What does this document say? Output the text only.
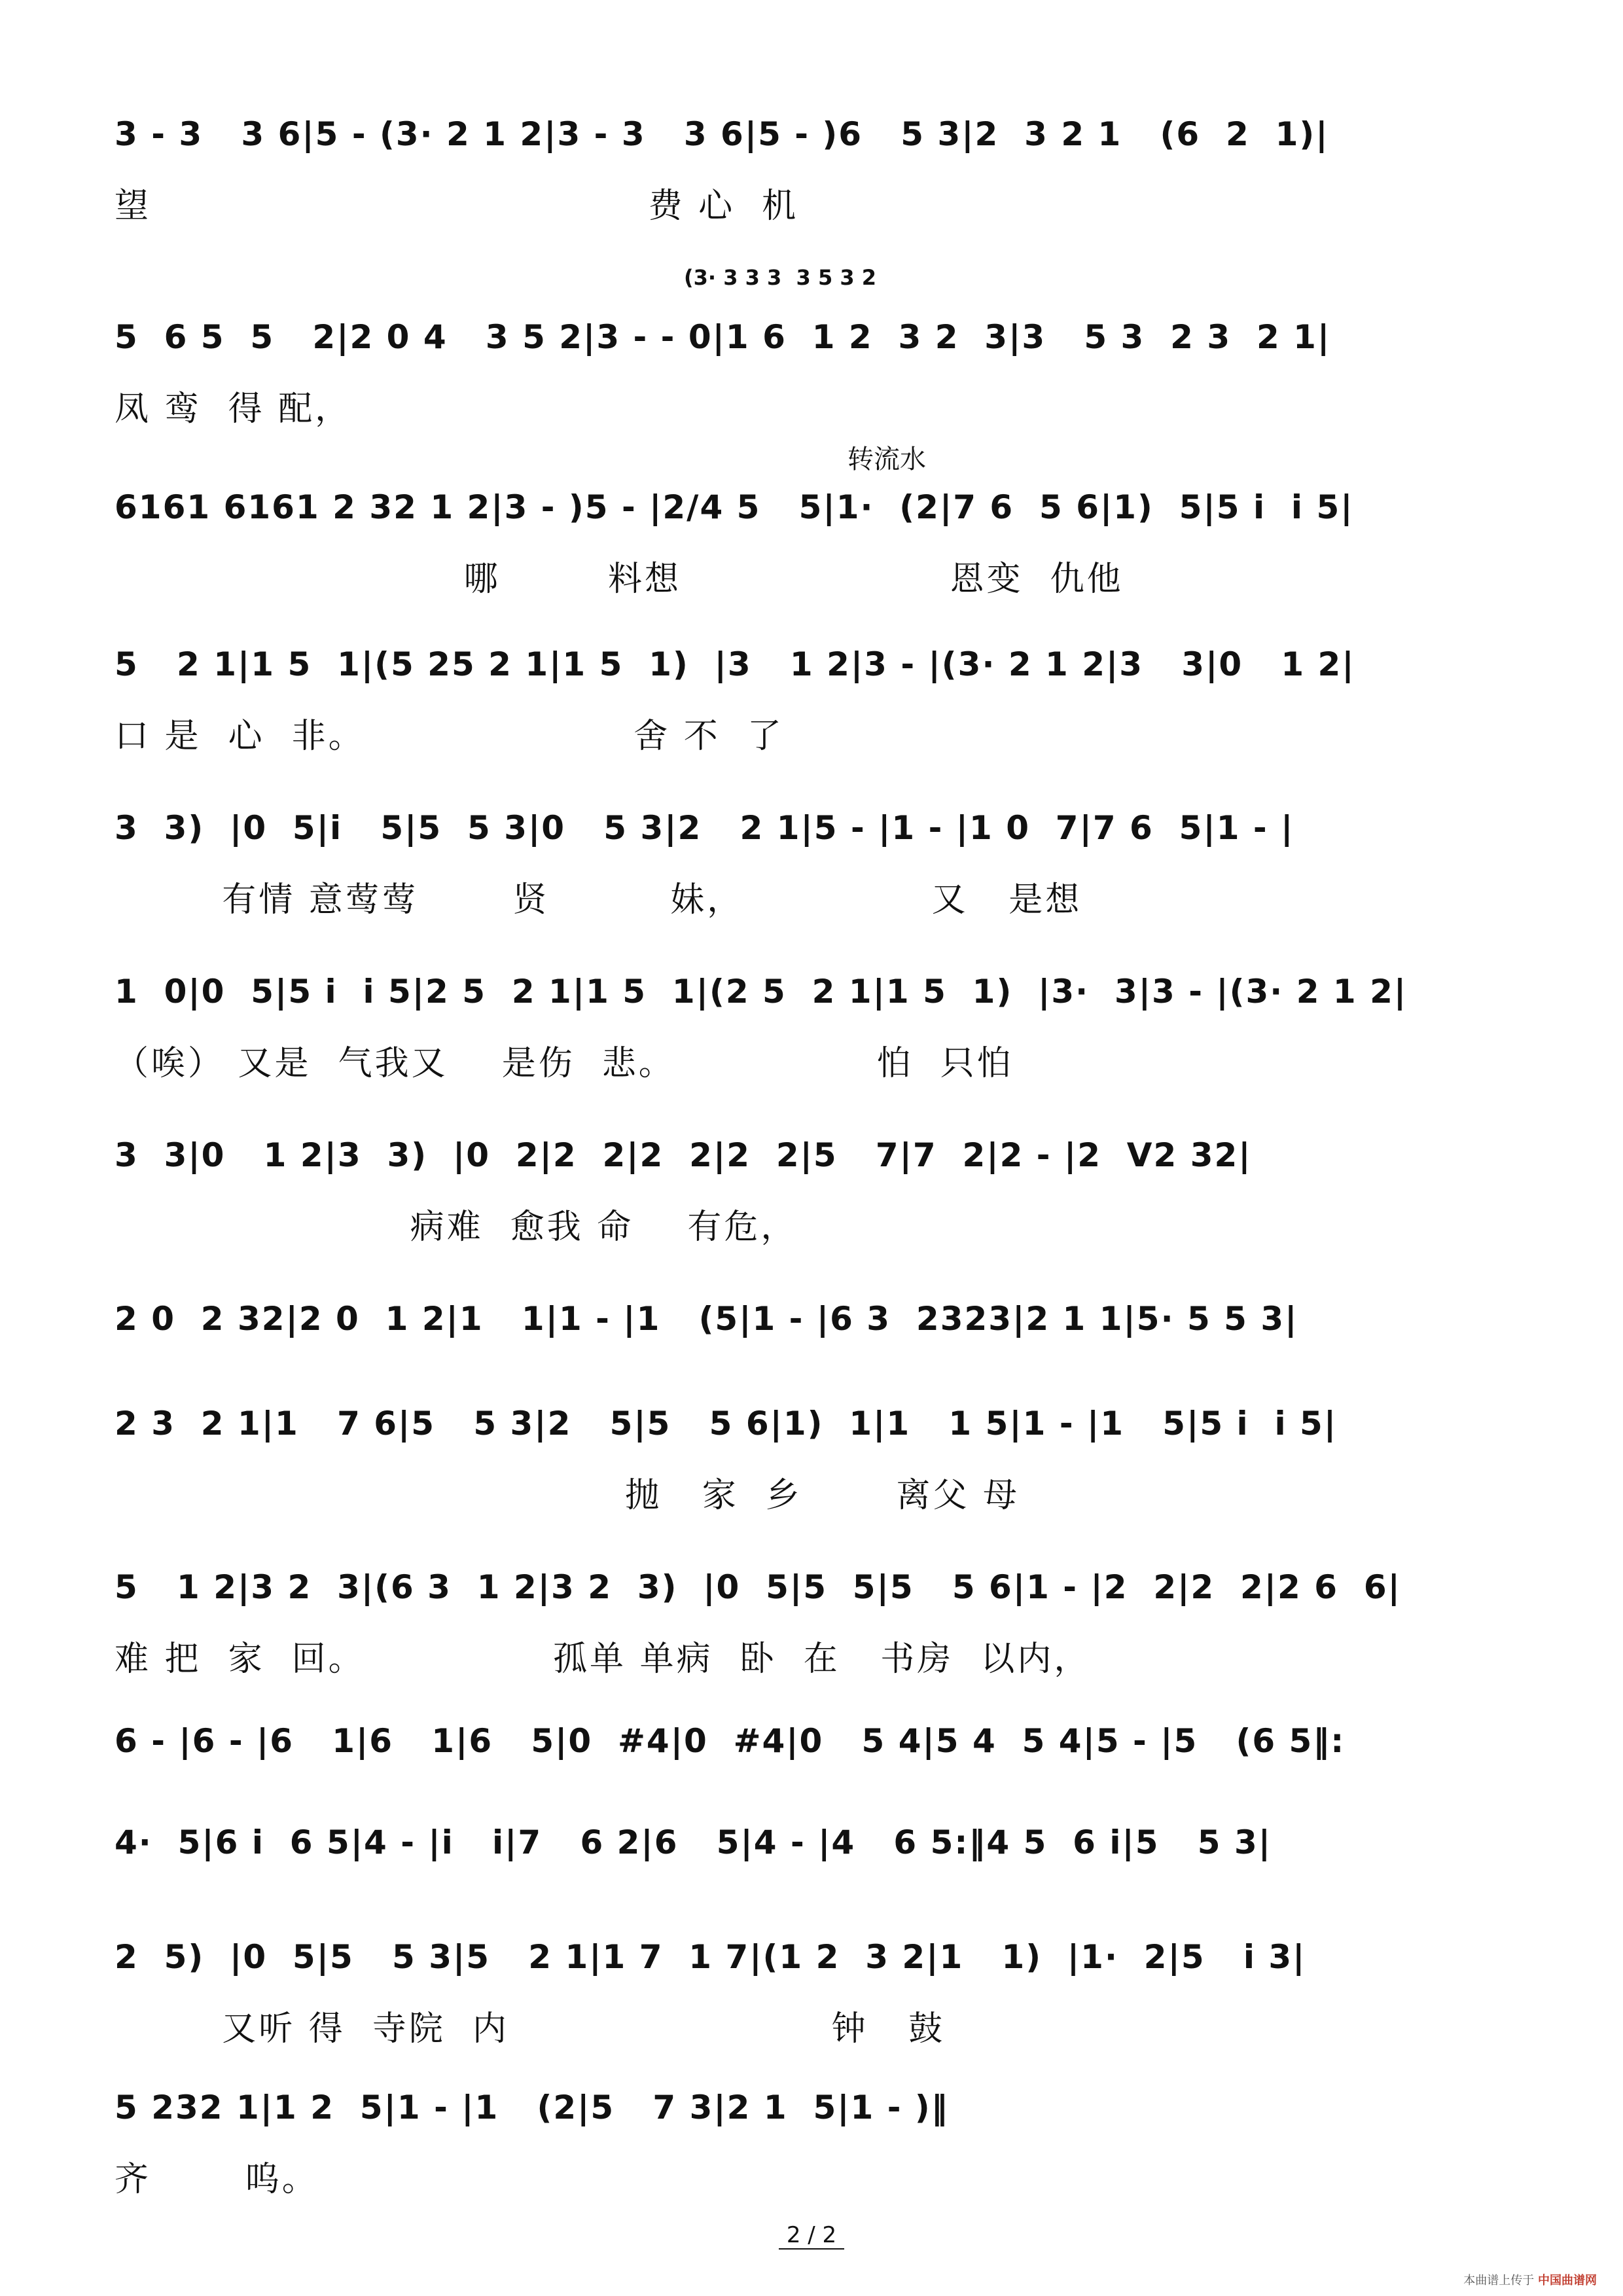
3 - 3   3 6|5 - (3· 2 1 2|3 - 3   3 6|5 - )6   5 3|2  3 2 1   (6  2  1)|
望                                     费 心  机
(3· 3 3 3  3 5 3 2
5  6 5  5   2|2 0 4   3 5 2|3 - - 0|1 6  1 2  3 2  3|3   5 3  2 3  2 1|
凤 鸾  得 配，
转流水
6161 6161 2 32 1 2|3 - )5 - |2/4 5   5|1·  (2|7 6  5 6|1)  5|5 i  i 5|
哪        料想                    恩变  仇他
5   2 1|1 5  1|(5 25 2 1|1 5  1)  |3   1 2|3 - |(3· 2 1 2|3   3|0   1 2|
口 是  心  非。                    舍 不  了
3  3)  |0  5|i   5|5  5 3|0   5 3|2   2 1|5 - |1 - |1 0  7|7 6  5|1 - |
有情 意莺莺       贤         妹，              又   是想
1  0|0  5|5 i  i 5|2 5  2 1|1 5  1|(2 5  2 1|1 5  1)  |3·  3|3 - |(3· 2 1 2|
（唉） 又是  气我又    是伤  悲。               怕  只怕
3  3|0   1 2|3  3)  |0  2|2  2|2  2|2  2|5   7|7  2|2 - |2  V2 32|
病难  愈我 命    有危，
2 0  2 32|2 0  1 2|1   1|1 - |1   (5|1 - |6 3  2323|2 1 1|5· 5 5 3|
2 3  2 1|1   7 6|5   5 3|2   5|5   5 6|1)  1|1   1 5|1 - |1   5|5 i  i 5|
抛   家  乡       离父 母
5   1 2|3 2  3|(6 3  1 2|3 2  3)  |0  5|5  5|5   5 6|1 - |2  2|2  2|2 6  6|
难 把  家  回。              孤单 单病  卧  在   书房  以内，
6 - |6 - |6   1|6   1|6   5|0  #4|0  #4|0   5 4|5 4  5 4|5 - |5   (6 5‖:
4·  5|6 i  6 5|4 - |i   i|7   6 2|6   5|4 - |4   6 5:‖4 5  6 i|5   5 3|
2  5)  |0  5|5   5 3|5   2 1|1 7  1 7|(1 2  3 2|1   1)  |1·  2|5   i 3|
又听 得  寺院  内                        钟   鼓
5 232 1|1 2  5|1 - |1   (2|5   7 3|2 1  5|1 - )‖
齐       呜。
2 / 2
本曲谱上传于 中国曲谱网
